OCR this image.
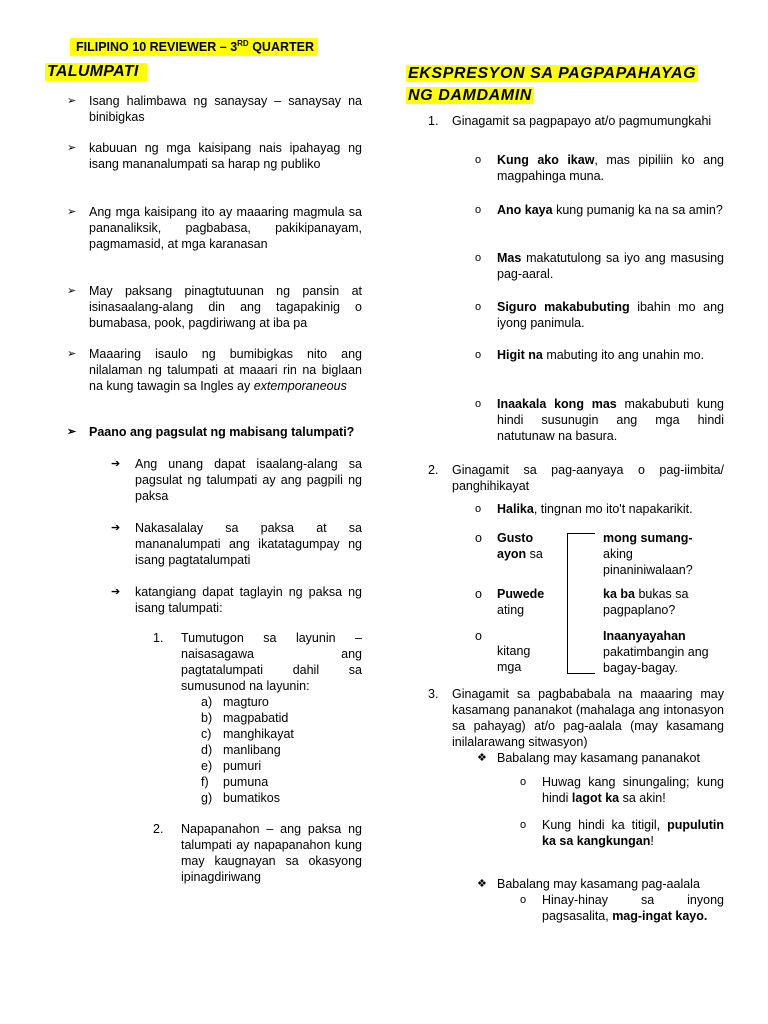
FILIPINO 10 REVIEWER – 3RD QUARTER
TALUMPATI
➢ Isang halimbawa ng sanaysay – sanaysay na binibigkas
➢ kabuuan ng mga kaisipang nais ipahayag ng isang mananalumpati sa harap ng publiko
➢ Ang mga kaisipang ito ay maaaring magmula sa pananaliksik, pagbabasa, pakikipanayam, pagmamasid, at mga karanasan
➢ May paksang pinagtutuunan ng pansin at isinasaalang-alang din ang tagapakinig o bumabasa, pook, pagdiriwang at iba pa
➢ Maaaring isaulo ng bumibigkas nito ang nilalaman ng talumpati at maaari rin na biglaan na kung tawagin sa Ingles ay extemporaneous
➢ Paano ang pagsulat ng mabisang talumpati?
➔ Ang unang dapat isaalang-alang sa pagsulat ng talumpati ay ang pagpili ng paksa
➔ Nakasalalay sa paksa at sa mananalumpati ang ikatatagumpay ng isang pagtatalumpati
➔ katangiang dapat taglayin ng paksa ng isang talumpati:
1. Tumutugon sa layunin – naisasagawa ang pagtatalumpati dahil sa sumusunod na layunin:
a) magturo
b) magpabatid
c) manghikayat
d) manlibang
e) pumuri
f)	pumuna
g) bumatikos
2. Napapanahon – ang paksa ng talumpati ay napapanahon kung may kaugnayan sa okasyong ipinagdiriwang
EKSPRESYON SA PAGPAPAHAYAG
NG DAMDAMIN
1. Ginagamit sa pagpapayo at/o pagmumungkahi
o Kung ako ikaw, mas pipiliin ko ang magpahinga muna.
o Ano kaya kung pumanig ka na sa amin?
o Mas makatutulong sa iyo ang masusing pag-aaral.
o Siguro makabubuting ibahin mo ang iyong panimula.
o Higit na mabuting ito ang unahin mo.
o Inaakala kong mas makabubuti kung hindi susunugin ang mga hindi natutunaw na basura.
2. Ginagamit sa pag-aanyaya o pag-iimbita/ panghihikayat
o Halika, tingnan mo ito't napakarikit.
o Gusto
ayon sa
mong sumang-
aking pinaniniwalaan?
o Puwede
ating
ka ba bukas sa pagpaplano?
o
kitang mga
Inaanyayahan
pakatimbangin ang bagay-bagay.
3. Ginagamit sa pagbababala na maaaring may kasamang pananakot (mahalaga ang intonasyon sa pahayag) at/o pag-aalala (may kasamang inilalarawang sitwasyon)
❖ Babalang may kasamang pananakot
o Huwag kang sinungaling; kung hindi lagot ka sa akin!
o Kung hindi ka titigil, pupulutin ka sa kangkungan!
❖ Babalang may kasamang pag-aalala
o Hinay-hinay sa inyong pagsasalita, mag-ingat kayo.
